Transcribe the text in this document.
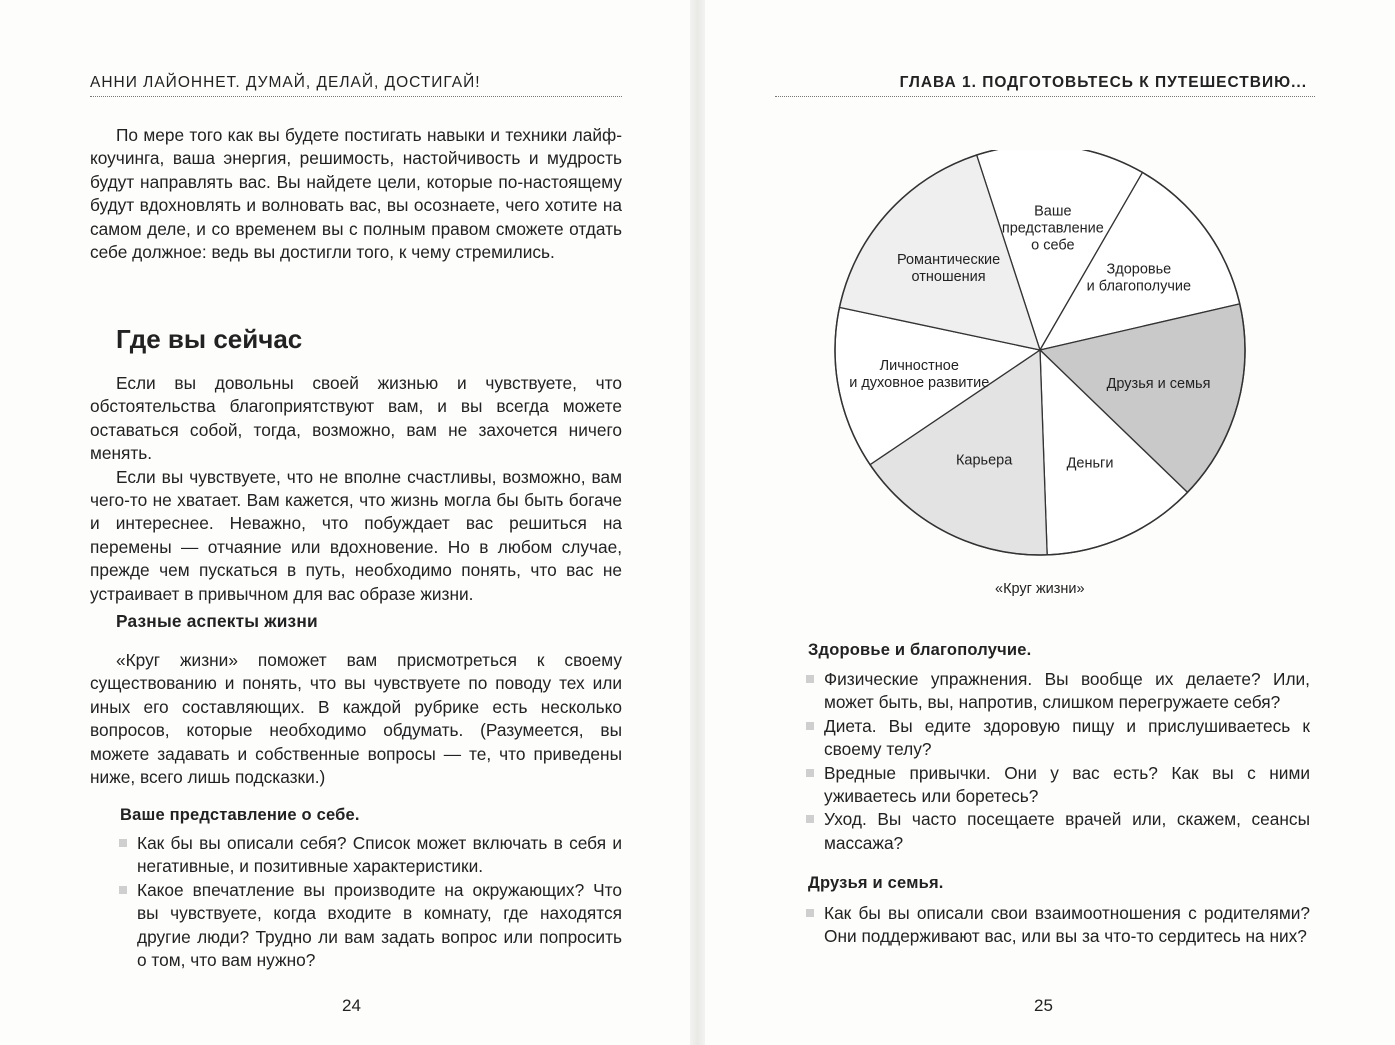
АННИ ЛАЙОННЕТ. ДУМАЙ, ДЕЛАЙ, ДОСТИГАЙ!

По мере того как вы будете постигать навыки и техники лайф-коучинга, ваша энергия, решимость, настойчивость и мудрость будут направлять вас. Вы найдете цели, которые по-настоящему будут вдохновлять и волновать вас, вы осознаете, чего хотите на самом деле, и со временем вы с полным правом сможете отдать себе должное: ведь вы достигли того, к чему стремились.

Где вы сейчас

Если вы довольны своей жизнью и чувствуете, что обстоятельства благоприятствуют вам, и вы всегда можете оставаться собой, тогда, возможно, вам не захочется ничего менять.

Если вы чувствуете, что не вполне счастливы, возможно, вам чего-то не хватает. Вам кажется, что жизнь могла бы быть богаче и интереснее. Неважно, что побуждает вас решиться на перемены — отчаяние или вдохновение. Но в любом случае, прежде чем пускаться в путь, необходимо понять, что вас не устраивает в привычном для вас образе жизни.

Разные аспекты жизни

«Круг жизни» поможет вам присмотреться к своему существованию и понять, что вы чувствуете по поводу тех или иных его составляющих. В каждой рубрике есть несколько вопросов, которые необходимо обдумать. (Разумеется, вы можете задавать и собственные вопросы — те, что приведены ниже, всего лишь подсказки.)

Ваше представление о себе.
Как бы вы описали себя? Список может включать в себя и негативные, и позитивные характеристики.
Какое впечатление вы производите на окружающих? Что вы чувствуете, когда входите в комнату, где находятся другие люди? Трудно ли вам задать вопрос или попросить о том, что вам нужно?
24
ГЛАВА 1. ПОДГОТОВЬТЕСЬ К ПУТЕШЕСТВИЮ...
Ваше представление о себе
Здоровье и благополучие
Друзья и семья
Деньги
Карьера
Личностное и духовное развитие
Романтические отношения
«Круг жизни»
Здоровье и благополучие.
Физические упражнения. Вы вообще их делаете? Или, может быть, вы, напротив, слишком перегружаете себя?
Диета. Вы едите здоровую пищу и прислушиваетесь к своему телу?
Вредные привычки. Они у вас есть? Как вы с ними уживаетесь или боретесь?
Уход. Вы часто посещаете врачей или, скажем, сеансы массажа?
Друзья и семья.
Как бы вы описали свои взаимоотношения с родителями? Они поддерживают вас, или вы за что-то сердитесь на них?
25
